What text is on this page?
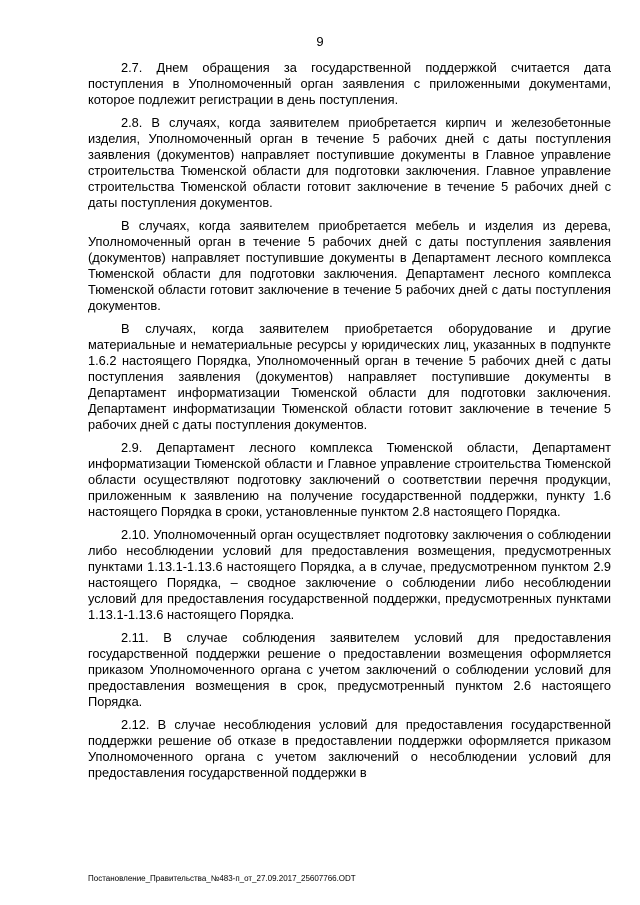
9

2.7. Днем обращения за государственной поддержкой считается дата поступления в Уполномоченный орган заявления с приложенными документами, которое подлежит регистрации в день поступления.

2.8. В случаях, когда заявителем приобретается кирпич и железобетонные изделия, Уполномоченный орган в течение 5 рабочих дней с даты поступления заявления (документов) направляет поступившие документы в Главное управление строительства Тюменской области для подготовки заключения. Главное управление строительства Тюменской области готовит заключение в течение 5 рабочих дней с даты поступления документов.

В случаях, когда заявителем приобретается мебель и изделия из дерева, Уполномоченный орган в течение 5 рабочих дней с даты поступления заявления (документов) направляет поступившие документы в Департамент лесного комплекса Тюменской области для подготовки заключения. Департамент лесного комплекса Тюменской области готовит заключение в течение 5 рабочих дней с даты поступления документов.

В случаях, когда заявителем приобретается оборудование и другие материальные и нематериальные ресурсы у юридических лиц, указанных в подпункте 1.6.2 настоящего Порядка, Уполномоченный орган в течение 5 рабочих дней с даты поступления заявления (документов) направляет поступившие документы в Департамент информатизации Тюменской области для подготовки заключения. Департамент информатизации Тюменской области готовит заключение в течение 5 рабочих дней с даты поступления документов.

2.9. Департамент лесного комплекса Тюменской области, Департамент информатизации Тюменской области и Главное управление строительства Тюменской области осуществляют подготовку заключений о соответствии перечня продукции, приложенным к заявлению на получение государственной поддержки, пункту 1.6 настоящего Порядка в сроки, установленные пунктом 2.8 настоящего Порядка.

2.10. Уполномоченный орган осуществляет подготовку заключения о соблюдении либо несоблюдении условий для предоставления возмещения, предусмотренных пунктами 1.13.1-1.13.6 настоящего Порядка, а в случае, предусмотренном пунктом 2.9 настоящего Порядка, – сводное заключение о соблюдении либо несоблюдении условий для предоставления государственной поддержки, предусмотренных пунктами 1.13.1-1.13.6 настоящего Порядка.

2.11. В случае соблюдения заявителем условий для предоставления государственной поддержки решение о предоставлении возмещения оформляется приказом Уполномоченного органа с учетом заключений о соблюдении условий для предоставления возмещения в срок, предусмотренный пунктом 2.6 настоящего Порядка.

2.12. В случае несоблюдения условий для предоставления государственной поддержки решение об отказе в предоставлении поддержки оформляется приказом Уполномоченного органа с учетом заключений о несоблюдении условий для предоставления государственной поддержки в

Постановление_Правительства_№483-п_от_27.09.2017_25607766.ODT
